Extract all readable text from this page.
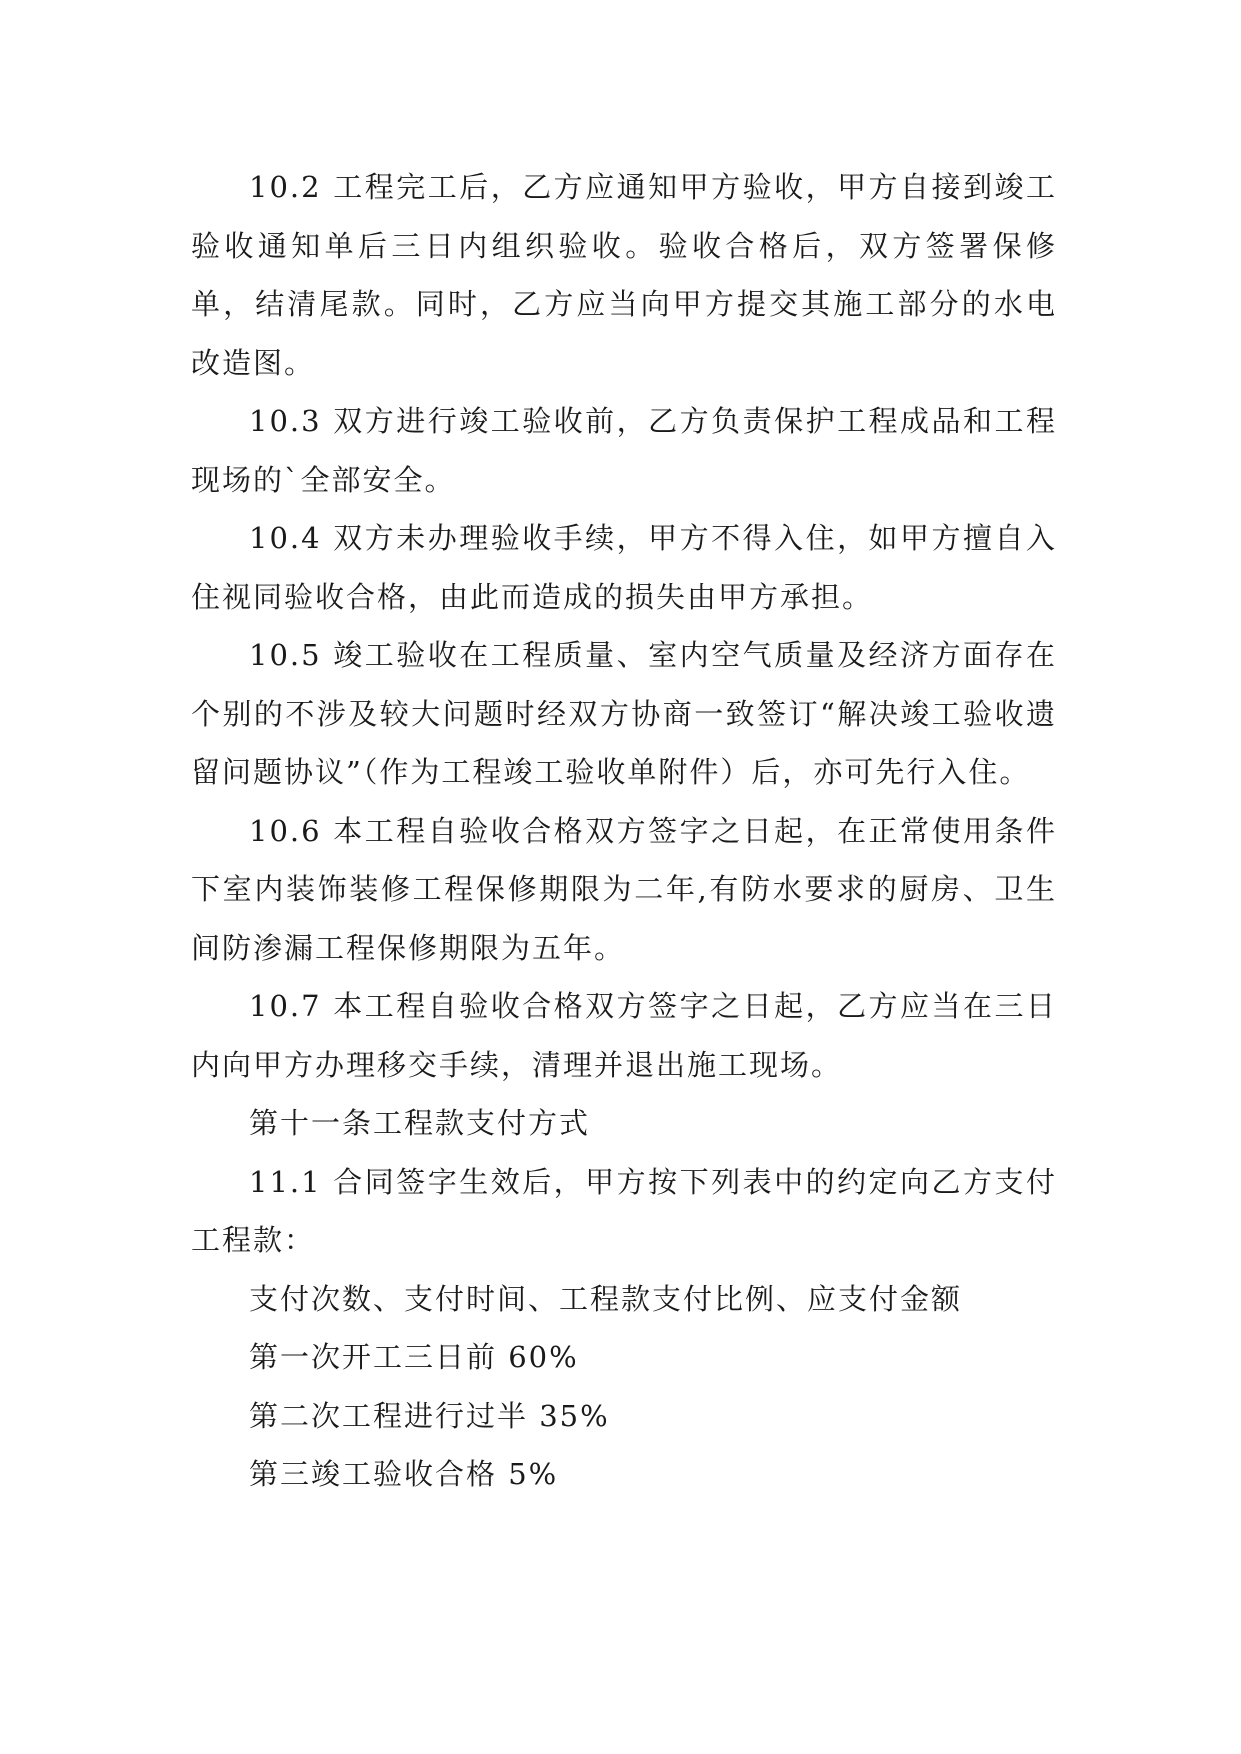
10.2 工程完工后，乙方应通知甲方验收，甲方自接到竣工验收通知单后三日内组织验收。验收合格后，双方签署保修单，结清尾款。同时，乙方应当向甲方提交其施工部分的水电改造图。

10.3 双方进行竣工验收前，乙方负责保护工程成品和工程现场的`全部安全。

10.4 双方未办理验收手续，甲方不得入住，如甲方擅自入住视同验收合格，由此而造成的损失由甲方承担。

10.5 竣工验收在工程质量、室内空气质量及经济方面存在个别的不涉及较大问题时经双方协商一致签订“解决竣工验收遗留问题协议”（作为工程竣工验收单附件）后，亦可先行入住。

10.6 本工程自验收合格双方签字之日起，在正常使用条件下室内装饰装修工程保修期限为二年,有防水要求的厨房、卫生间防渗漏工程保修期限为五年。

10.7 本工程自验收合格双方签字之日起，乙方应当在三日内向甲方办理移交手续，清理并退出施工现场。

第十一条工程款支付方式

11.1 合同签字生效后，甲方按下列表中的约定向乙方支付工程款：

支付次数、支付时间、工程款支付比例、应支付金额

第一次开工三日前 60%

第二次工程进行过半 35%

第三竣工验收合格 5%
